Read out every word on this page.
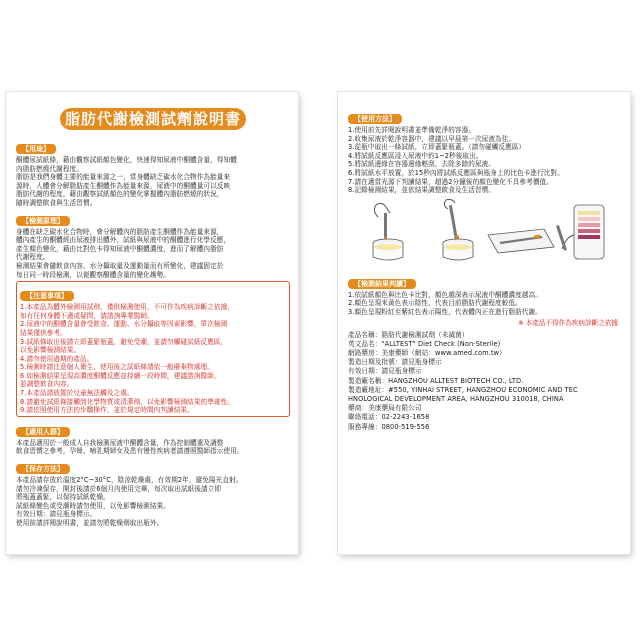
脂肪代謝檢測試劑說明書
【用途】

酮體尿試紙條，藉由觀察試紙顏色變化，快速得知尿液中酮體含量，得知體

內脂肪燃燒代謝程度。

脂肪是我們身體主要的能量來源之一，當身體缺乏碳水化合物作為能量來

源時，人體會分解脂肪產生酮體作為能量來源，尿液中的酮體量可以反映

脂肪代謝的程度，藉由觀察試紙顏色的變化掌握體內脂肪燃燒的狀況，

隨時調整飲食與生活習慣。

【檢測原理】

身體在缺乏碳水化合物時，會分解體內的脂肪產生酮體作為能量來源，

體內產生的酮體經由尿液排出體外，試紙與尿液中的酮體進行化學反應，

產生顏色變化，藉由比對色卡得知尿液中酮體濃度，進而了解體內脂肪

代謝程度。

檢測結果會隨飲食內容、水分攝取量及運動量而有所變化，建議固定於

每日同一時段檢測，以便觀察酮體含量的變化趨勢。

【注意事項】

1.本產品為體外檢測用試劑，僅供檢測使用，不可作為疾病診斷之依據，

如有任何身體不適或疑問，請諮詢專業醫師。

2.尿液中的酮體含量會受飲食、運動、水分攝取等因素影響，單次檢測

結果僅供參考。

3.試紙條取出後請立即蓋緊瓶蓋，避免受潮，並請勿觸碰試紙反應區，

以免影響檢測結果。

4.請勿使用過期的產品。

5.檢測時請注意個人衛生，使用後之試紙條請依一般廢棄物處理。

6.如檢測結果呈現高濃度酮體反應並持續一段時間，建議諮詢醫師，

並調整飲食內容。

7.本產品請放置於兒童無法觸及之處。

8.請避免試紙條接觸到化學物質或清潔劑，以免影響檢測結果的準確性。

9.請依照使用方法的步驟操作，並於規定時間內判讀結果。

【適用人群】

本產品適用於一般成人自我檢測尿液中酮體含量，作為控制體重及調整

飲食習慣之參考，孕婦、哺乳期婦女及患有慢性疾病者請遵照醫師指示使用。

【保存方法】

本產品請存放於溫度2°C~30°C，陰涼乾燥處，有效期2年，避免陽光直射。

請勿冷凍保存，開封後請於6個月內使用完畢，每次取出試紙後請立即

將瓶蓋蓋緊，以保持試紙乾燥。

試紙條變色或受潮時請勿使用，以免影響檢測結果。

有效日期：請見瓶身標示。

使用前請詳閱說明書，並請勿將乾燥劑取出瓶外。

【使用方法】

1.使用前先詳閱說明書並準備乾淨的容器。

2.收集尿液於乾淨容器中，建議以早晨第一次尿液為佳。

3.從瓶中取出一條試紙，立即蓋緊瓶蓋。（請勿碰觸反應區）

4.將試紙反應區浸入尿液中約1~2秒後取出。

5.將試紙邊緣在容器邊緣輕刮，去除多餘的尿液。

6.將試紙水平放置，於15秒內將試紙反應區與瓶身上的比色卡進行比對。

7.請在適當光源下判讀結果，超過2分鐘後的顏色變化不具參考價值。

8.記錄檢測結果，並依結果調整飲食及生活習慣。

【檢測結果判讀】

1.依試紙顏色與比色卡比對，顏色越深表示尿液中酮體濃度越高。

2.顏色呈現米黃色表示陰性，代表目前脂肪代謝程度較低。

3.顏色呈現粉紅至紫紅色表示陽性，代表體內正在進行脂肪代謝。

※ 本產品不得作為疾病診斷之依據

產品名稱：脂肪代謝檢測試劑（未滅菌）

英文品名："ALLTEST" Diet Check (Non-Sterile)

網路藥房：美康藥師（網站：www.amed.com.tw）

製造日期及批號：請見瓶身標示

有效日期：請見瓶身標示

製造廠名稱：HANGZHOU ALLTEST BIOTECH CO., LTD.

製造廠地址：#550, YINHAI STREET, HANGZHOU ECONOMIC AND TEC

HNOLOGICAL DEVELOPMENT AREA, HANGZHOU 310018, CHINA

藥商：美康藥局有限公司

聯絡電話：02-2243-1658

服務專線：0800-519-556
